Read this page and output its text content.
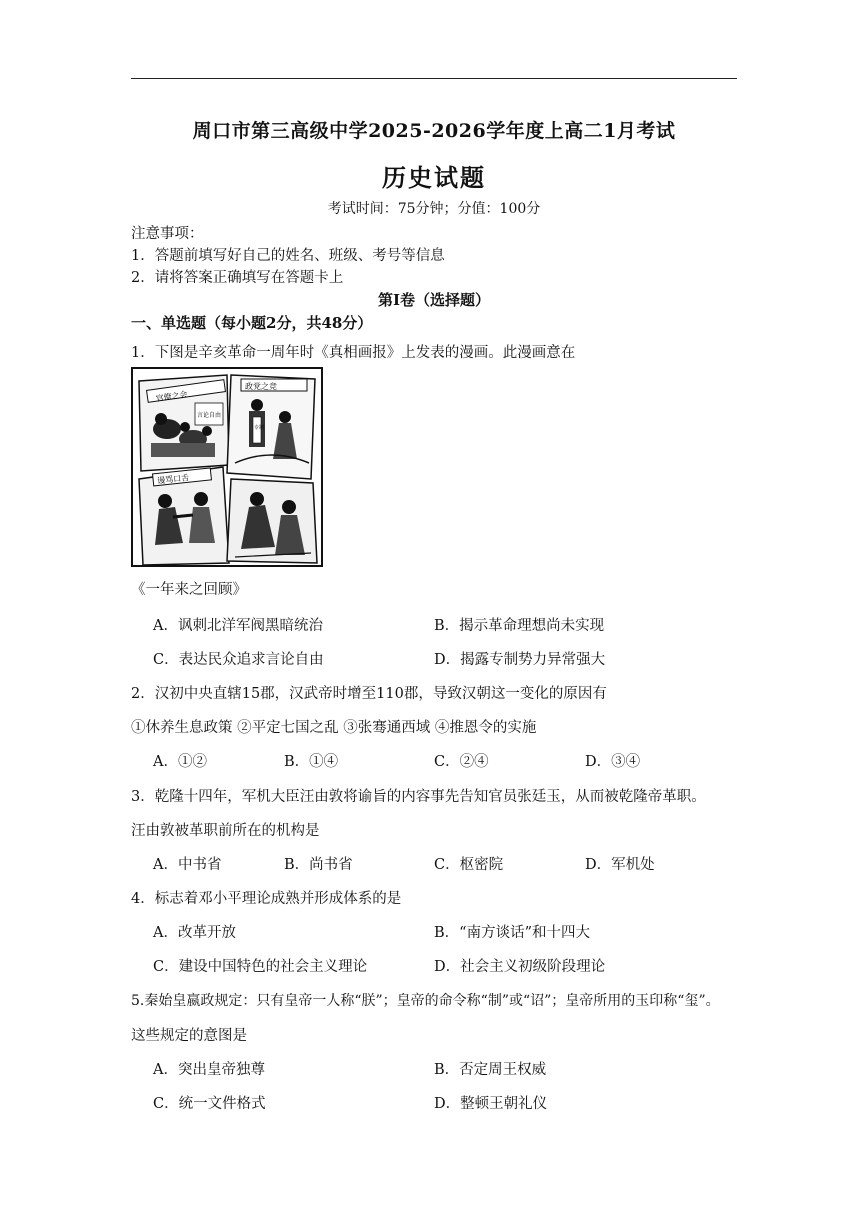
周口市第三高级中学2025-2026学年度上高二1月考试
历史试题
考试时间：75分钟；分值：100分
注意事项：
1．答题前填写好自己的姓名、班级、考号等信息
2．请将答案正确填写在答题卡上
第Ⅰ卷（选择题）
一、单选题（每小题2分，共48分）
1．下图是辛亥革命一周年时《真相画报》上发表的漫画。此漫画意在
官僚之会
言论自由
政党之竞
专制
谩骂口舌
《一年来之回顾》
A．讽刺北洋军阀黑暗统治	B．揭示革命理想尚未实现
C．表达民众追求言论自由	D．揭露专制势力异常强大
2．汉初中央直辖15郡，汉武帝时增至110郡，导致汉朝这一变化的原因有
①休养生息政策 ②平定七国之乱 ③张骞通西域 ④推恩令的实施
A．①②	B．①④	C．②④	D．③④
3．乾隆十四年，军机大臣汪由敦将谕旨的内容事先告知官员张廷玉，从而被乾隆帝革职。
汪由敦被革职前所在的机构是
A．中书省	B．尚书省	C．枢密院	D．军机处
4．标志着邓小平理论成熟并形成体系的是
A．改革开放	B．“南方谈话”和十四大
C．建设中国特色的社会主义理论	D．社会主义初级阶段理论
5.秦始皇嬴政规定：只有皇帝一人称“朕”；皇帝的命令称“制”或“诏”；皇帝所用的玉印称“玺”。
这些规定的意图是
A．突出皇帝独尊	B．否定周王权威
C．统一文件格式	D．整顿王朝礼仪
